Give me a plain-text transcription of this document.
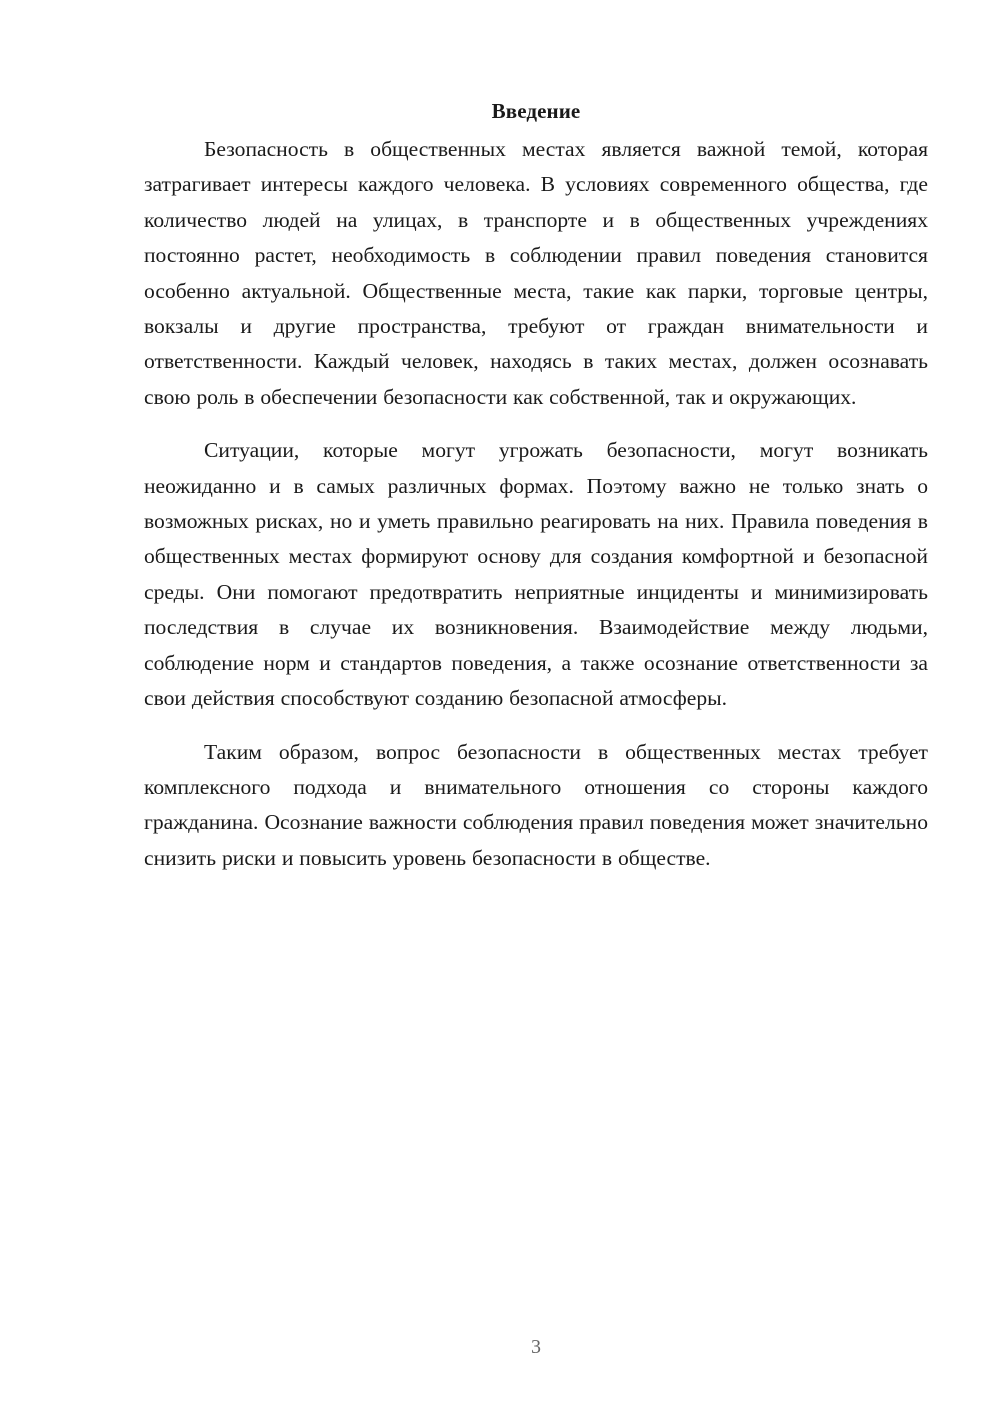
Введение

Безопасность в общественных местах является важной темой, которая затрагивает интересы каждого человека. В условиях современного общества, где количество людей на улицах, в транспорте и в общественных учреждениях постоянно растет, необходимость в соблюдении правил поведения становится особенно актуальной. Общественные места, такие как парки, торговые центры, вокзалы и другие пространства, требуют от граждан внимательности и ответственности. Каждый человек, находясь в таких местах, должен осознавать свою роль в обеспечении безопасности как собственной, так и окружающих.

Ситуации, которые могут угрожать безопасности, могут возникать неожиданно и в самых различных формах. Поэтому важно не только знать о возможных рисках, но и уметь правильно реагировать на них. Правила поведения в общественных местах формируют основу для создания комфортной и безопасной среды. Они помогают предотвратить неприятные инциденты и минимизировать последствия в случае их возникновения. Взаимодействие между людьми, соблюдение норм и стандартов поведения, а также осознание ответственности за свои действия способствуют созданию безопасной атмосферы.

Таким образом, вопрос безопасности в общественных местах требует комплексного подхода и внимательного отношения со стороны каждого гражданина. Осознание важности соблюдения правил поведения может значительно снизить риски и повысить уровень безопасности в обществе.

3
